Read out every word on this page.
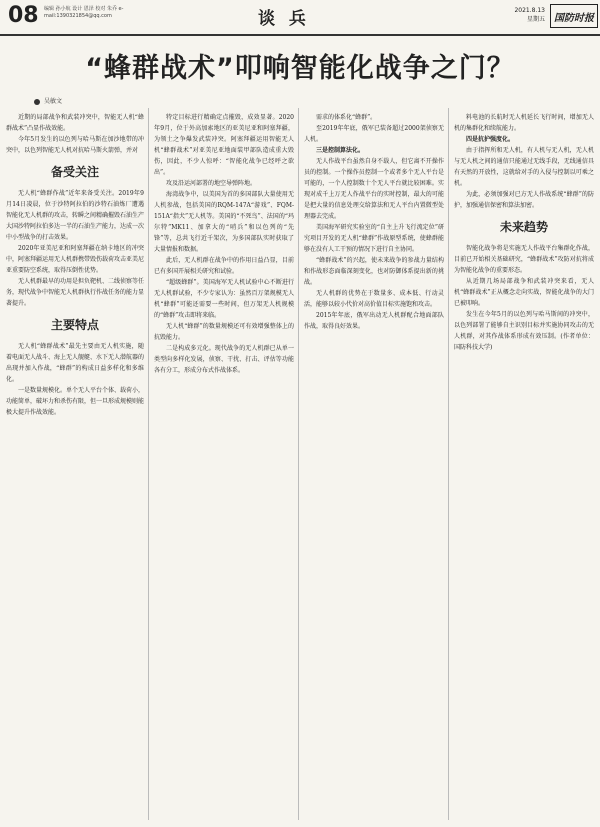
08 编辑 孙小航 设计 恩泽 校对 朱乔 e-mail:1390321854@qq.com	谈 兵	2021.8.13
星期五 国防时报
“蜂群战术”叩响智能化战争之门？
吴敏文

近期的局部战争和武装冲突中，智能无人机“蜂群战术”凸显作战效能。

今年5月发生的以色列与哈马斯在加沙地带的冲突中，以色列智能无人机对抗哈马斯火箭弹，并对

备受关注

无人机“蜂群作战”近年来备受关注。2019年9月14日凌晨，位于沙特阿拉伯的沙特石油炼厂遭遇智能化无人机群的攻击，转瞬之间精确摧毁石油生产大国沙特阿拉伯多达一半的石油生产能力，达成一次中小型战争的打击效果。

2020年亚美尼亚和阿塞拜疆在纳卡地区的冲突中，阿塞拜疆运用无人机群携带毁伤载荷攻击亚美尼亚重要防空系统，取得压倒性优势。

无人机群最早的功用是担负靶机、二线侦察等任务，现代战争中智能无人机群执行作战任务的能力显著提升。

主要特点

无人机“蜂群战术”最先主要由无人机实施，随着电面无人战斗、海上无人舰艇、水下无人潜航器的出现并加入作战，“蜂群”的构成日益多样化和多维化。

一是数量规模化。单个无人平台个体、载荷小，功能简单，破坏力和杀伤有限，但一旦形成规模则能极大提升作战效能。

特定目标进行精确定点摧毁，成效显著。2020年9月，位于外高加索地区的亚美尼亚和阿塞拜疆，为领土之争爆发武装冲突。阿塞拜疆运用智能无人机“蜂群战术”对亚美尼亚地面装甲部队造成重大毁伤，因此，不少人惊呼：“智能化战争已经呼之欲出”。

攻及沿运河部署的地空导弹阵地。

海湾战争中，以美国为首的多国部队大量使用无人机参战，包括美国的RQM-147A“游戏”、FQM-151A“指犬”无人机等。美国的“不死鸟”、法国的“玛尔特”MK11、加拿大的“哨兵”和以色列的“先锋”等，总共飞行近千架次，为多国部队实时获取了大量情报和数据。

此后，无人机群在战争中的作用日益凸显，目前已有多国开展相关研究和试验。

“超级蜂群”。美国海军无人机试验中心不断进行无人机群试验，不少专家认为：虽然百万架规模无人机“蜂群”可能还需要一些时间，但万架无人机规模的“蜂群”攻击即将来临。

无人机“蜂群”的数量规模还可有效增强整体上的抗毁能力。

二是构成多元化。现代战争的无人机群已从单一类型向多样化发展，侦察、干扰、打击、评估等功能各有分工，形成分布式作战体系。

需求的体系化“蜂群”。

至2019年年底，俄军已装备超过2000架侦察无人机。

三是控制算法化。

无人作战平台虽然自身不载人，但它离不开操作员的控制。一个操作员控制一个或者多个无人平台是可能的，一个人控制数十个无人平台就比较困难。实现对成千上万无人作战平台的实时控制，最大的可能是把大量的信息处理交给算法和无人平台内置微型处理器去完成。

美国海军研究实验室的“自主上升飞行流定位”研究项目开发的无人机“蜂群”作战原型系统，使蜂群能够在没有人工干预的情况下进行自主协同。

“蜂群战术”的兴起，使未来战争的参战力量结构和作战形态面临深刻变化，也对防御体系提出新的挑战。

无人机群的优势在于数量多、成本低、行动灵活，能够以较小代价对高价值目标实施饱和攻击。

2015年年底，俄军出动无人机群配合地面部队作战，取得良好效果。

料电池的长航时无人机延长飞行时间，增加无人机的集群化和续航能力。

四是抗护强度化。

由于指挥所和无人机，有人机与无人机，无人机与无人机之间的通信只能通过无线手段，无线通信具有天然的开放性，这就给对手的入侵与控制以可乘之机。

为此，必须加强对已方无人作战系统“蜂群”的防护，加强通信保密和算法加密。

未来趋势

智能化战争将是实施无人作战平台集群化作战，目前已开始相关基础研究，“蜂群战术”攻防对抗将成为智能化战争的重要形态。

从近期几场局部战争和武装冲突来看，无人机“蜂群战术”正从概念走向实战，智能化战争的大门已被叩响。

发生在今年5月的以色列与哈马斯间的冲突中，以色列部署了能够自主识别目标并实施协同攻击的无人机群，对其作战体系形成有效压制。(作者单位：国防科技大学)
